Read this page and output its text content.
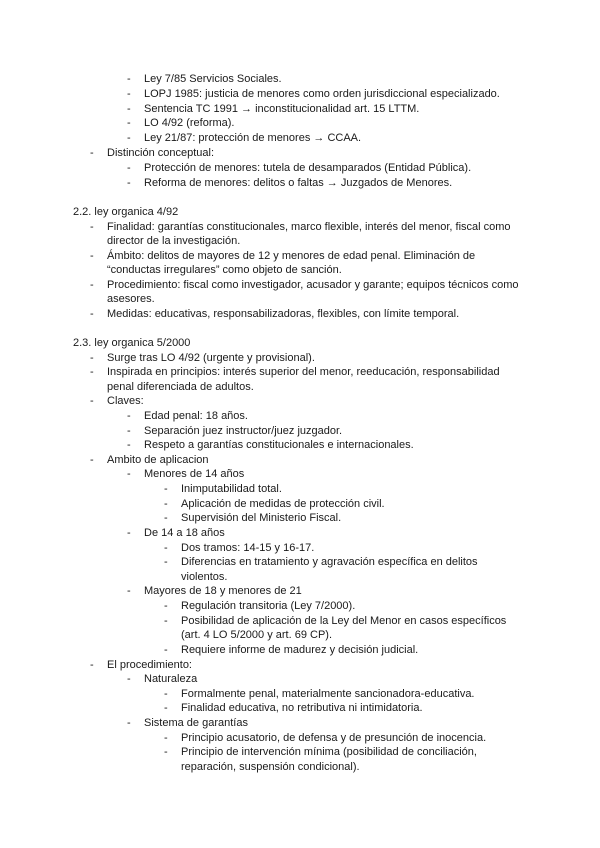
- Ley 7/85 Servicios Sociales.
- LOPJ 1985: justicia de menores como orden jurisdiccional especializado.
- Sentencia TC 1991 → inconstitucionalidad art. 15 LTTM.
- LO 4/92 (reforma).
- Ley 21/87: protección de menores → CCAA.
- Distinción conceptual:
- Protección de menores: tutela de desamparados (Entidad Pública).
- Reforma de menores: delitos o faltas → Juzgados de Menores.
2.2. ley organica 4/92
- Finalidad: garantías constitucionales, marco flexible, interés del menor, fiscal como
director de la investigación.
- Ámbito: delitos de mayores de 12 y menores de edad penal. Eliminación de
“conductas irregulares” como objeto de sanción.
- Procedimiento: fiscal como investigador, acusador y garante; equipos técnicos como
asesores.
- Medidas: educativas, responsabilizadoras, flexibles, con límite temporal.
2.3. ley organica 5/2000
- Surge tras LO 4/92 (urgente y provisional).
- Inspirada en principios: interés superior del menor, reeducación, responsabilidad
penal diferenciada de adultos.
- Claves:
- Edad penal: 18 años.
- Separación juez instructor/juez juzgador.
- Respeto a garantías constitucionales e internacionales.
- Ambito de aplicacion
- Menores de 14 años
- Inimputabilidad total.
- Aplicación de medidas de protección civil.
- Supervisión del Ministerio Fiscal.
- De 14 a 18 años
- Dos tramos: 14-15 y 16-17.
- Diferencias en tratamiento y agravación específica en delitos
violentos.
- Mayores de 18 y menores de 21
- Regulación transitoria (Ley 7/2000).
- Posibilidad de aplicación de la Ley del Menor en casos específicos
(art. 4 LO 5/2000 y art. 69 CP).
- Requiere informe de madurez y decisión judicial.
- El procedimiento:
- Naturaleza
- Formalmente penal, materialmente sancionadora-educativa.
- Finalidad educativa, no retributiva ni intimidatoria.
- Sistema de garantías
- Principio acusatorio, de defensa y de presunción de inocencia.
- Principio de intervención mínima (posibilidad de conciliación,
reparación, suspensión condicional).
